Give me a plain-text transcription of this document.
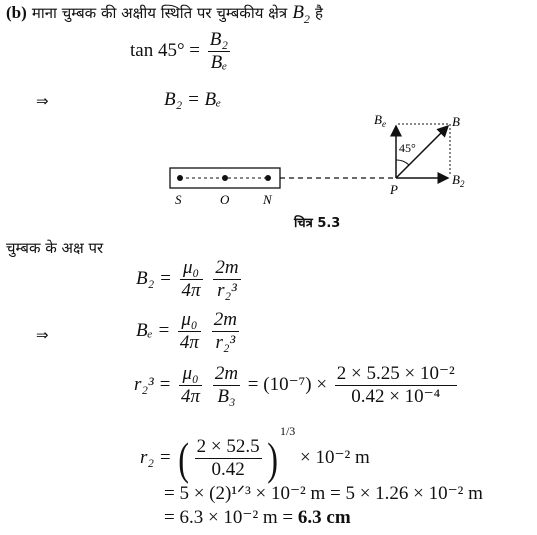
(b) माना चुम्बक की अक्षीय स्थिति पर चुम्बकीय क्षेत्र $B_2$ है
$\tan 45^\circ = \frac{\text{B₂}}{\text{Bₑ}}$
⇒	B₂ = Bₑ
$B_e$	B
45°
P
$B_2$
S	O	N
चित्र 5.3
चुम्बक के अक्ष पर
$B_2 = \frac{\text{μ₀}}{4\pi}$
$\frac{2m}{\text{r₂³}}$
⇒	$B_e = \frac{\text{μ₀}}{4\pi}$
$\frac{2m}{\text{r₂³}}$
$r_2^3 = \frac{\text{μ₀}}{4\pi}$
$\frac{2m}{\text{B₃}} = (10^{-7}) \times \frac{\text{2 × 5.25 × 10⁻²}}{\text{0.42 × 10⁻⁴}}$
r₂ = ( $\frac{2 \times 52.5}{0.42} )^{1/3} \times 10^{-2}$ m
= 5 × (2)¹ᐟ³ × 10⁻² m = 5 × 1.26 × 10⁻² m
= 6.3 × 10⁻² m = 6.3 cm
